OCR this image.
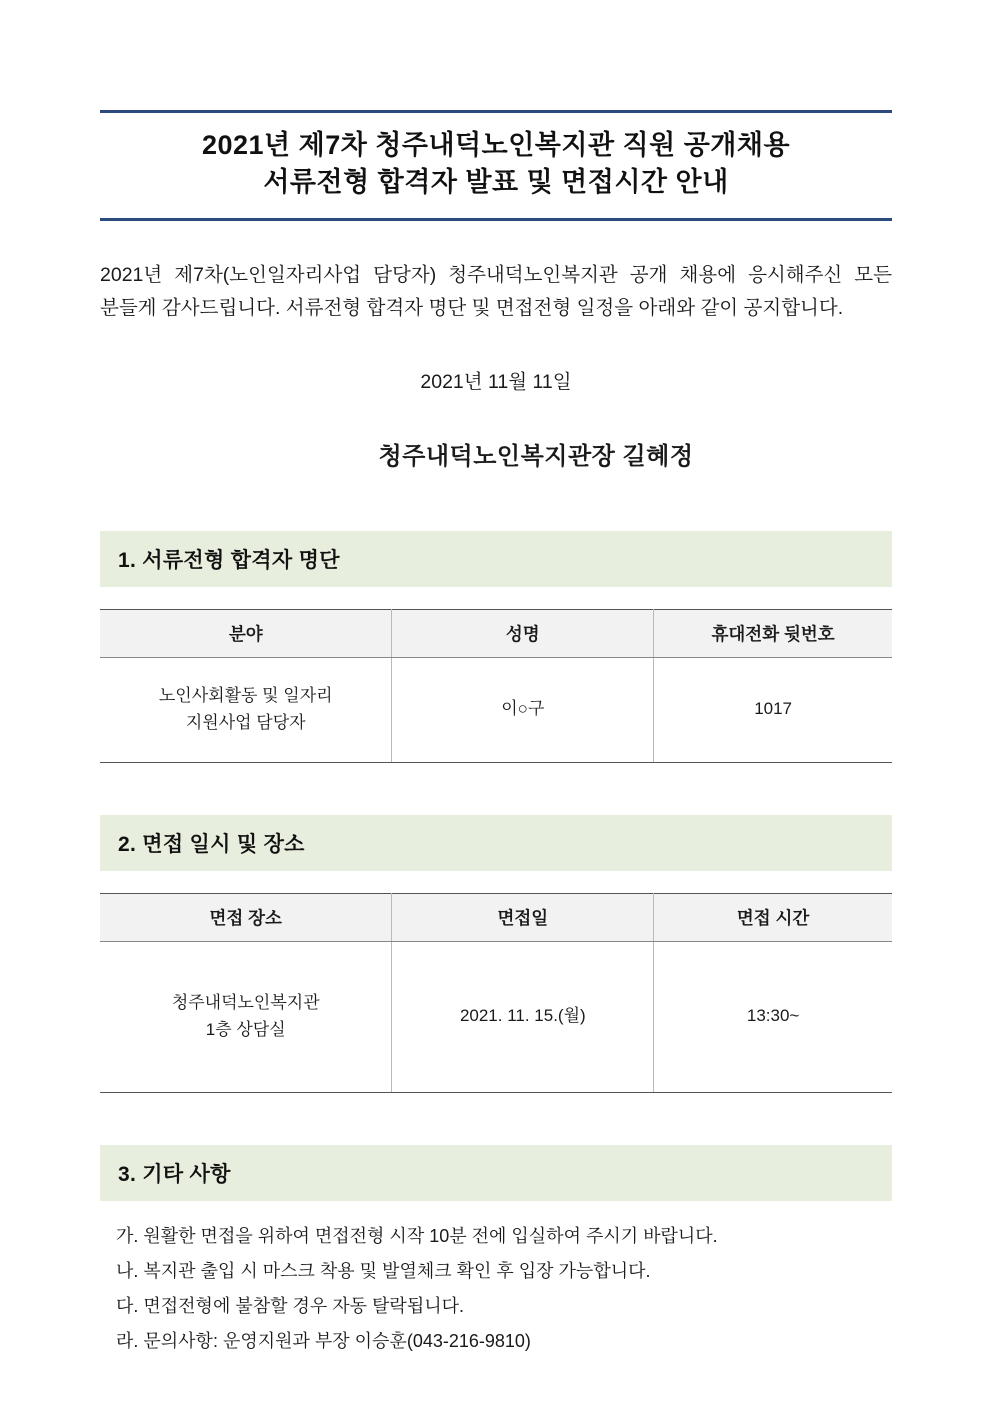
2021년 제7차 청주내덕노인복지관 직원 공개채용
서류전형 합격자 발표 및 면접시간 안내

2021년 제7차(노인일자리사업 담당자) 청주내덕노인복지관 공개 채용에 응시해주신 모든 분들게 감사드립니다. 서류전형 합격자 명단 및 면접전형 일정을 아래와 같이 공지합니다.

2021년 11월 11일
청주내덕노인복지관장 길혜정
1. 서류전형 합격자 명단
분야	성명	휴대전화 뒷번호

노인사회활동 및 일자리
지원사업 담당자	이○구	1017
2. 면접 일시 및 장소
면접 장소	면접일	면접 시간

청주내덕노인복지관
1층 상담실	2021. 11. 15.(월)	13:30~
3. 기타 사항
가. 원활한 면접을 위하여 면접전형 시작 10분 전에 입실하여 주시기 바랍니다.
나. 복지관 출입 시 마스크 착용 및 발열체크 확인 후 입장 가능합니다.
다. 면접전형에 불참할 경우 자동 탈락됩니다.
라. 문의사항: 운영지원과 부장 이승훈(043-216-9810)
